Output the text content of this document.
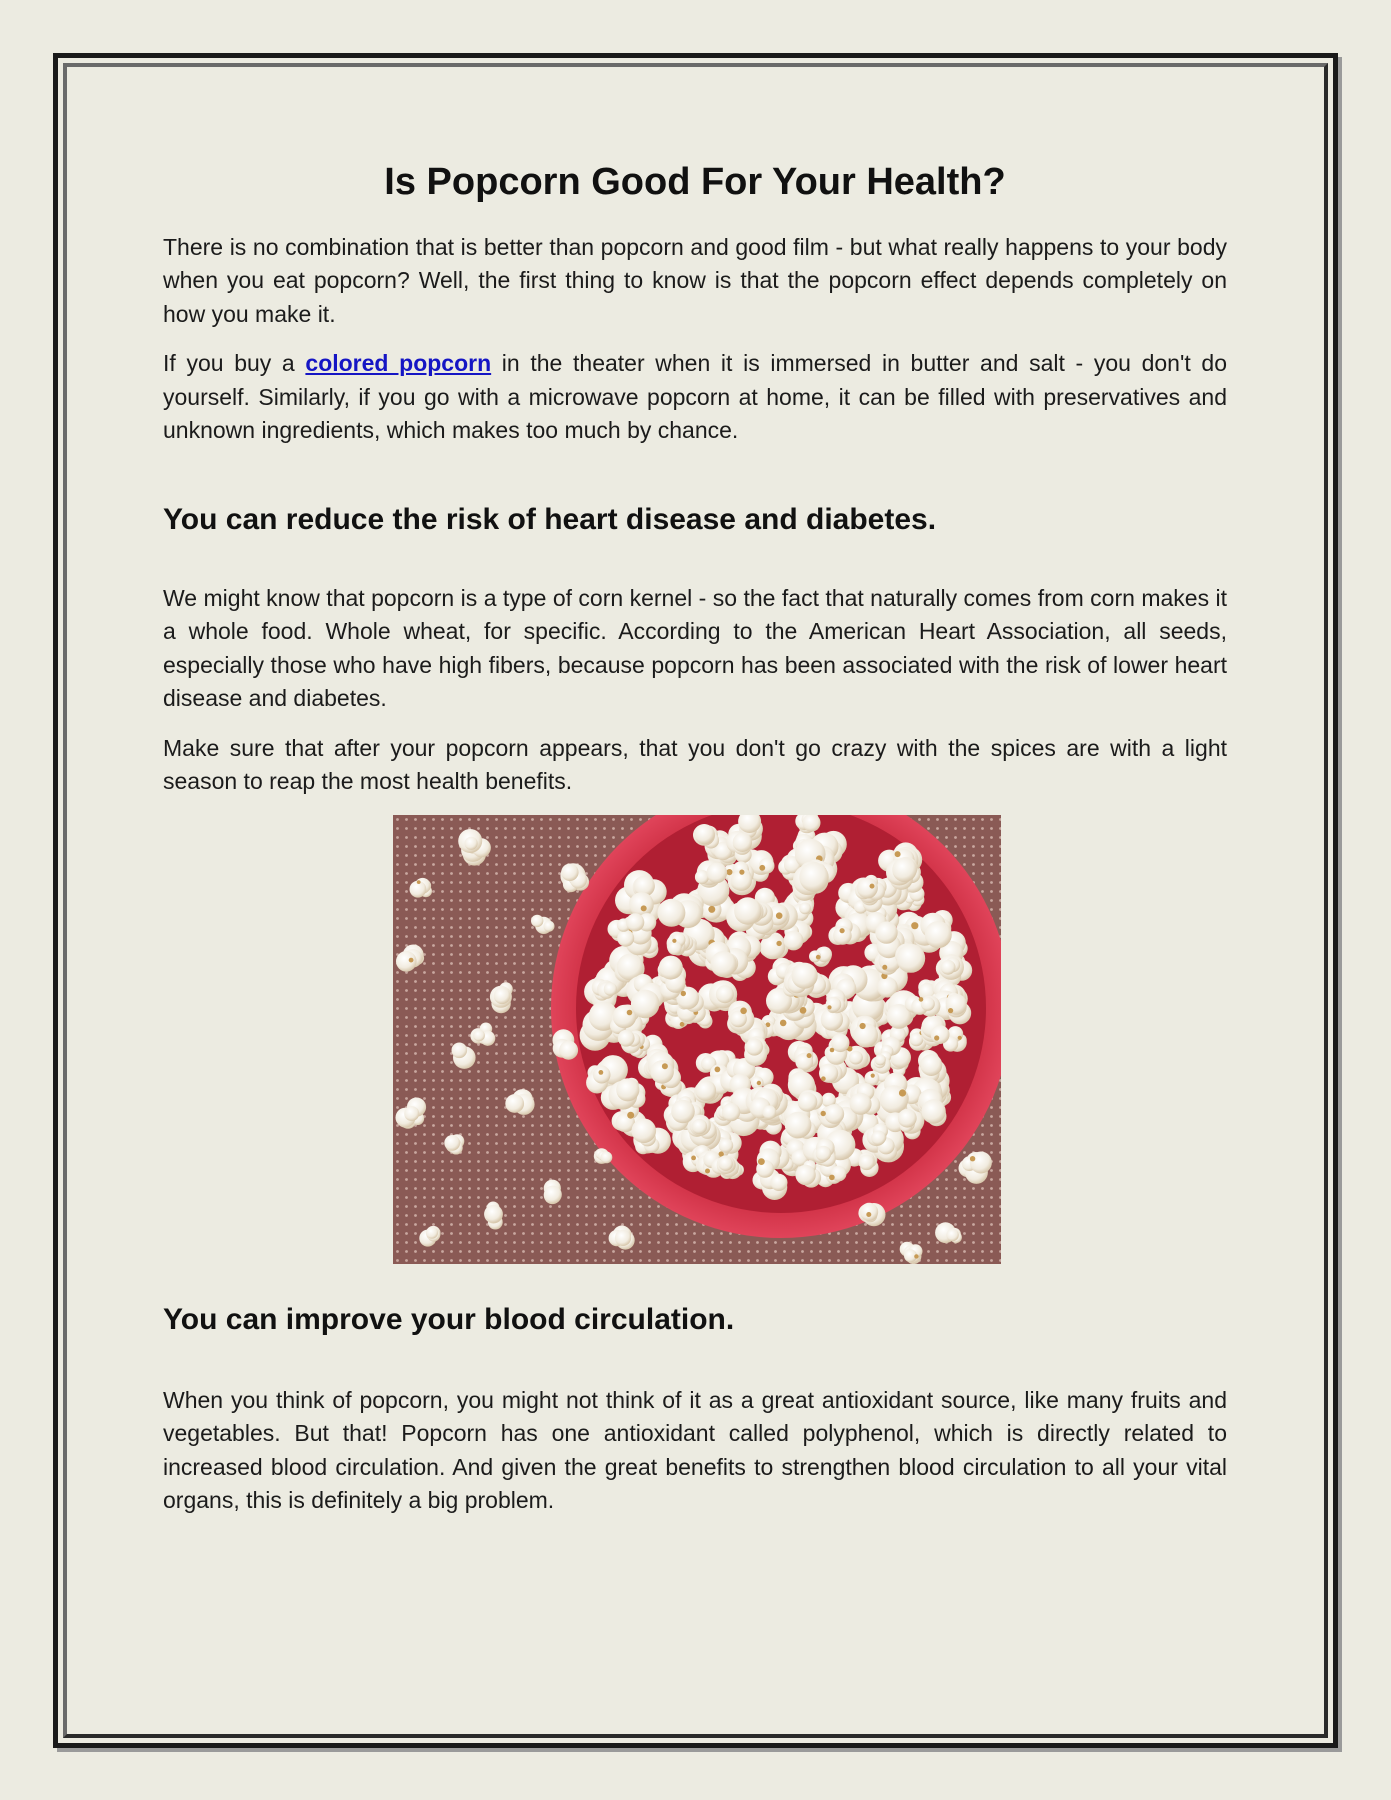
Is Popcorn Good For Your Health?

There is no combination that is better than popcorn and good film - but what really happens to your body when you eat popcorn? Well, the first thing to know is that the popcorn effect depends completely on how you make it.

If you buy a colored popcorn in the theater when it is immersed in butter and salt - you don't do yourself. Similarly, if you go with a microwave popcorn at home, it can be filled with preservatives and unknown ingredients, which makes too much by chance.

You can reduce the risk of heart disease and diabetes.

We might know that popcorn is a type of corn kernel - so the fact that naturally comes from corn makes it a whole food. Whole wheat, for specific. According to the American Heart Association, all seeds, especially those who have high fibers, because popcorn has been associated with the risk of lower heart disease and diabetes.

Make sure that after your popcorn appears, that you don't go crazy with the spices are with a light season to reap the most health benefits.

You can improve your blood circulation.

When you think of popcorn, you might not think of it as a great antioxidant source, like many fruits and vegetables. But that! Popcorn has one antioxidant called polyphenol, which is directly related to increased blood circulation. And given the great benefits to strengthen blood circulation to all your vital organs, this is definitely a big problem.
